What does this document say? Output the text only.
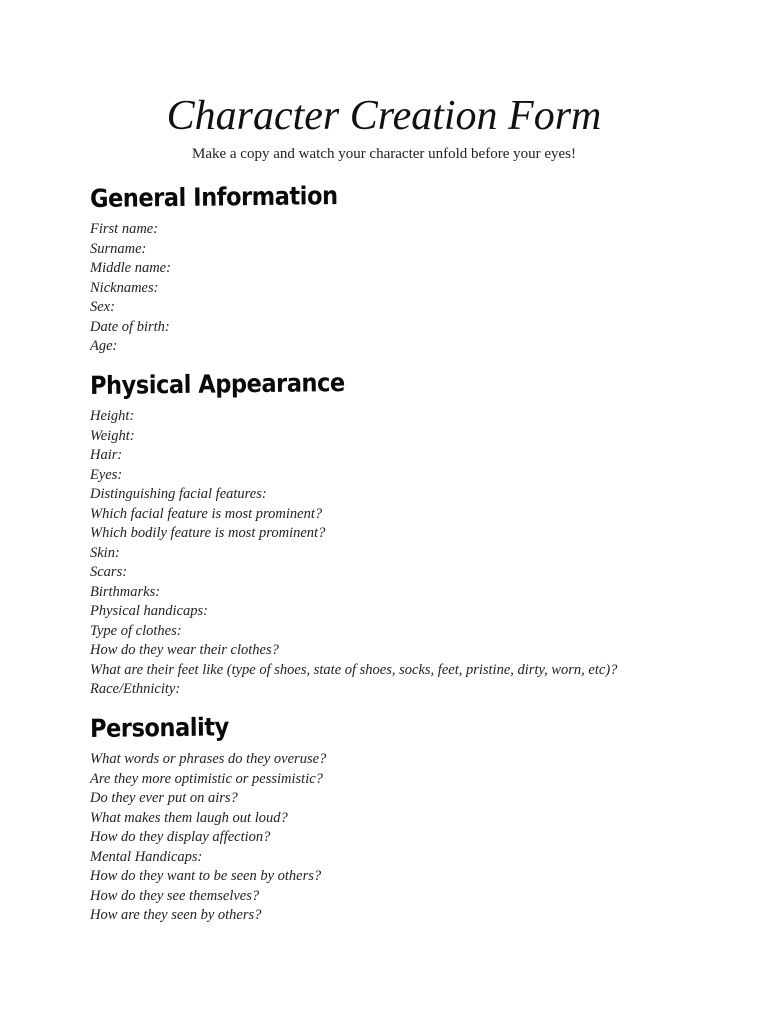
Character Creation Form

Make a copy and watch your character unfold before your eyes!

General Information
First name:
Surname:
Middle name:
Nicknames:
Sex:
Date of birth:
Age:
Physical Appearance
Height:
Weight:
Hair:
Eyes:
Distinguishing facial features:
Which facial feature is most prominent?
Which bodily feature is most prominent?
Skin:
Scars:
Birthmarks:
Physical handicaps:
Type of clothes:
How do they wear their clothes?
What are their feet like (type of shoes, state of shoes, socks, feet, pristine, dirty, worn, etc)?
Race/Ethnicity:
Personality
What words or phrases do they overuse?
Are they more optimistic or pessimistic?
Do they ever put on airs?
What makes them laugh out loud?
How do they display affection?
Mental Handicaps:
How do they want to be seen by others?
How do they see themselves?
How are they seen by others?
